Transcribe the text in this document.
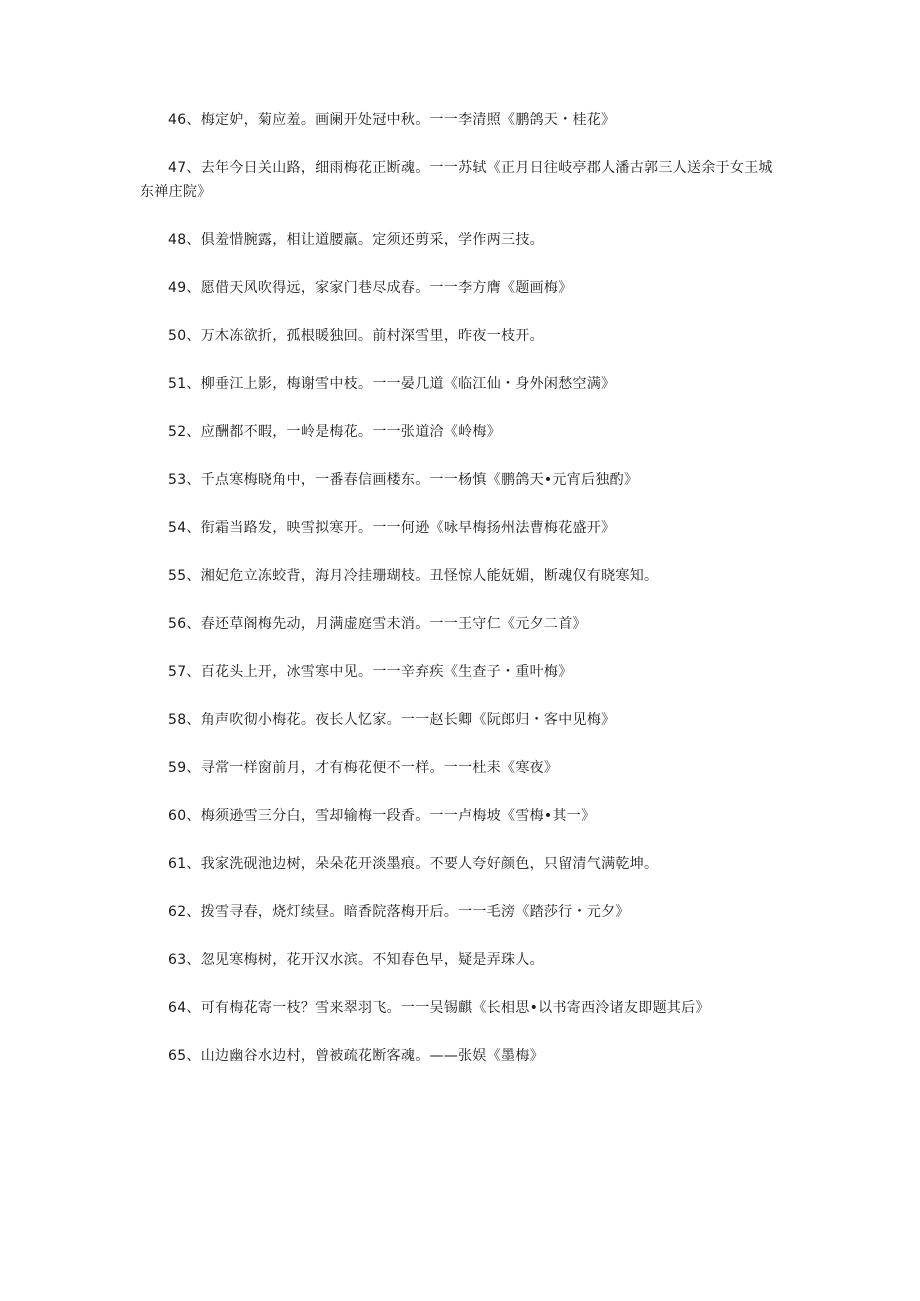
46、梅定妒，菊应羞。画阑开处冠中秋。一一李清照《鹏鸽天・桂花》

47、去年今日关山路，细雨梅花正断魂。一一苏轼《正月日往岐亭郡人潘古郭三人送余于女王城东禅庄院》

48、俱羞惜腕露，相让道腰羸。定须还剪采，学作两三技。

49、愿借天风吹得远，家家门巷尽成春。一一李方膺《题画梅》

50、万木冻欲折，孤根暖独回。前村深雪里，昨夜一枝开。

51、柳垂江上影，梅谢雪中枝。一一晏几道《临江仙・身外闲愁空满》

52、应酬都不暇，一岭是梅花。一一张道洽《岭梅》

53、千点寒梅晓角中，一番春信画楼东。一一杨慎《鹏鸽天•元宵后独酌》

54、衔霜当路发，映雪拟寒开。一一何逊《咏早梅扬州法曹梅花盛开》

55、湘妃危立冻蛟背，海月冷挂珊瑚枝。丑怪惊人能妩媚，断魂仅有晓寒知。

56、春还草阁梅先动，月满虚庭雪未消。一一王守仁《元夕二首》

57、百花头上开，冰雪寒中见。一一辛弃疾《生查子・重叶梅》

58、角声吹彻小梅花。夜长人忆家。一一赵长卿《阮郎归・客中见梅》

59、寻常一样窗前月，才有梅花便不一样。一一杜耒《寒夜》

60、梅须逊雪三分白，雪却输梅一段香。一一卢梅坡《雪梅•其一》

61、我家洗砚池边树，朵朵花开淡墨痕。不要人夸好颜色，只留清气满乾坤。

62、拨雪寻春，烧灯续昼。暗香院落梅开后。一一毛滂《踏莎行・元夕》

63、忽见寒梅树，花开汉水滨。不知春色早，疑是弄珠人。

64、可有梅花寄一枝？雪来翠羽飞。一一吴锡麒《长相思•以书寄西泠诸友即题其后》

65、山边幽谷水边村，曾被疏花断客魂。——张娱《墨梅》
